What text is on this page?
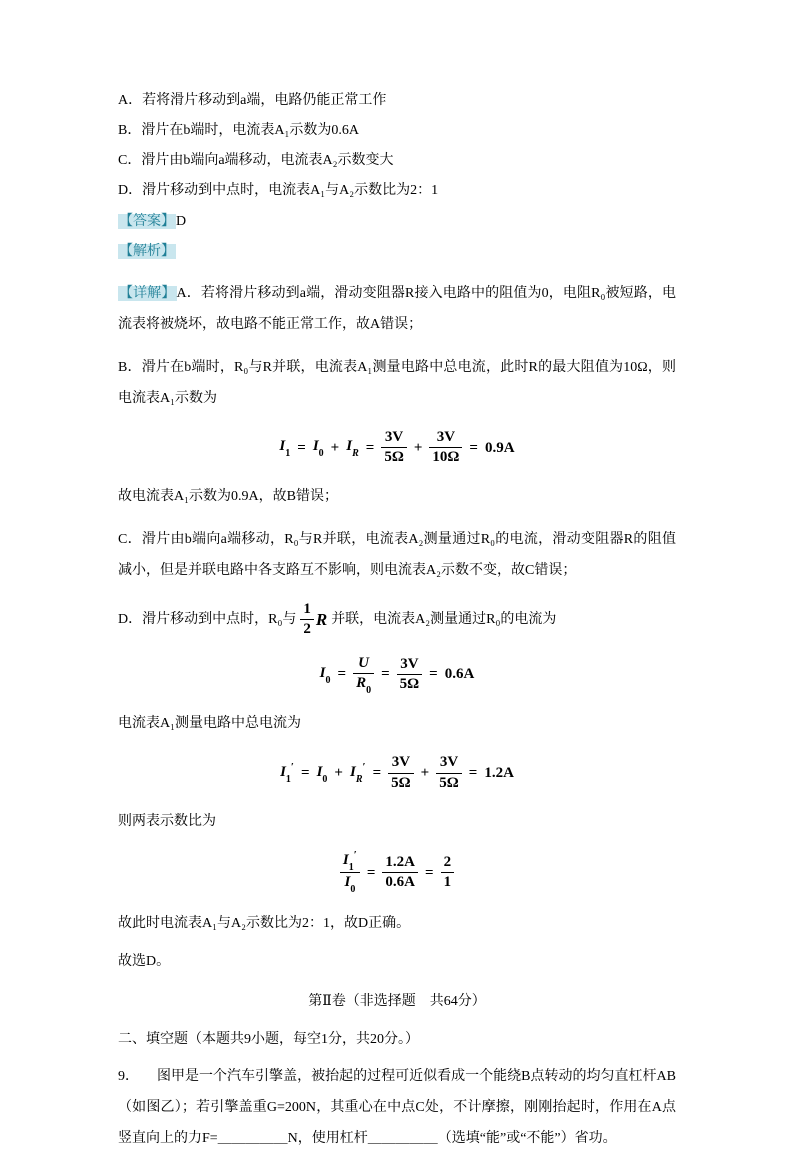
A．若将滑片移动到a端，电路仍能正常工作
B．滑片在b端时，电流表A₁示数为0.6A
C．滑片由b端向a端移动，电流表A₂示数变大
D．滑片移动到中点时，电流表A₁与A₂示数比为2：1
【答案】D
【解析】
【详解】A．若将滑片移动到a端，滑动变阻器R接入电路中的阻值为0，电阻R₀被短路，电流表将被烧坏，故电路不能正常工作，故A错误；
B．滑片在b端时，R₀与R并联，电流表A₁测量电路中总电流，此时R的最大阻值为10Ω，则电流表A₁示数为
$I_1 = I_0 + I_R = \frac{3V}{5\Omega} + \frac{3V}{10\Omega} = 0.9A$
故电流表A₁示数为0.9A，故B错误；
C．滑片由b端向a端移动，R₀与R并联，电流表A₂测量通过R₀的电流，滑动变阻器R的阻值减小，但是并联电路中各支路互不影响，则电流表A₂示数不变，故C错误；
D．滑片移动到中点时，R₀与 $\frac{1}{2}$ R 并联，电流表A₂测量通过R₀的电流为
$I_0 = \frac{U}{R_0} = \frac{3V}{5\Omega} = 0.6A$
电流表A₁测量电路中总电流为
$I_1' = I_0 + I_R' = \frac{3V}{5\Omega} + \frac{3V}{5\Omega} = 1.2A$
则两表示数比为
$\frac{I_1'}{I_0} = \frac{1.2A}{0.6A} = \frac{2}{1}$
故此时电流表A₁与A₂示数比为2：1，故D正确。
故选D。
第Ⅱ卷（非选择题　共64分）
二、填空题（本题共9小题，每空1分，共20分。）
9． 图甲是一个汽车引擎盖，被抬起的过程可近似看成一个能绕B点转动的均匀直杠杆AB（如图乙）；若引擎盖重G=200N，其重心在中点C处，不计摩擦，刚刚抬起时，作用在A点竖直向上的力F=＿＿＿＿＿N，使用杠杆＿＿＿＿＿（选填“能”或“不能”）省功。
